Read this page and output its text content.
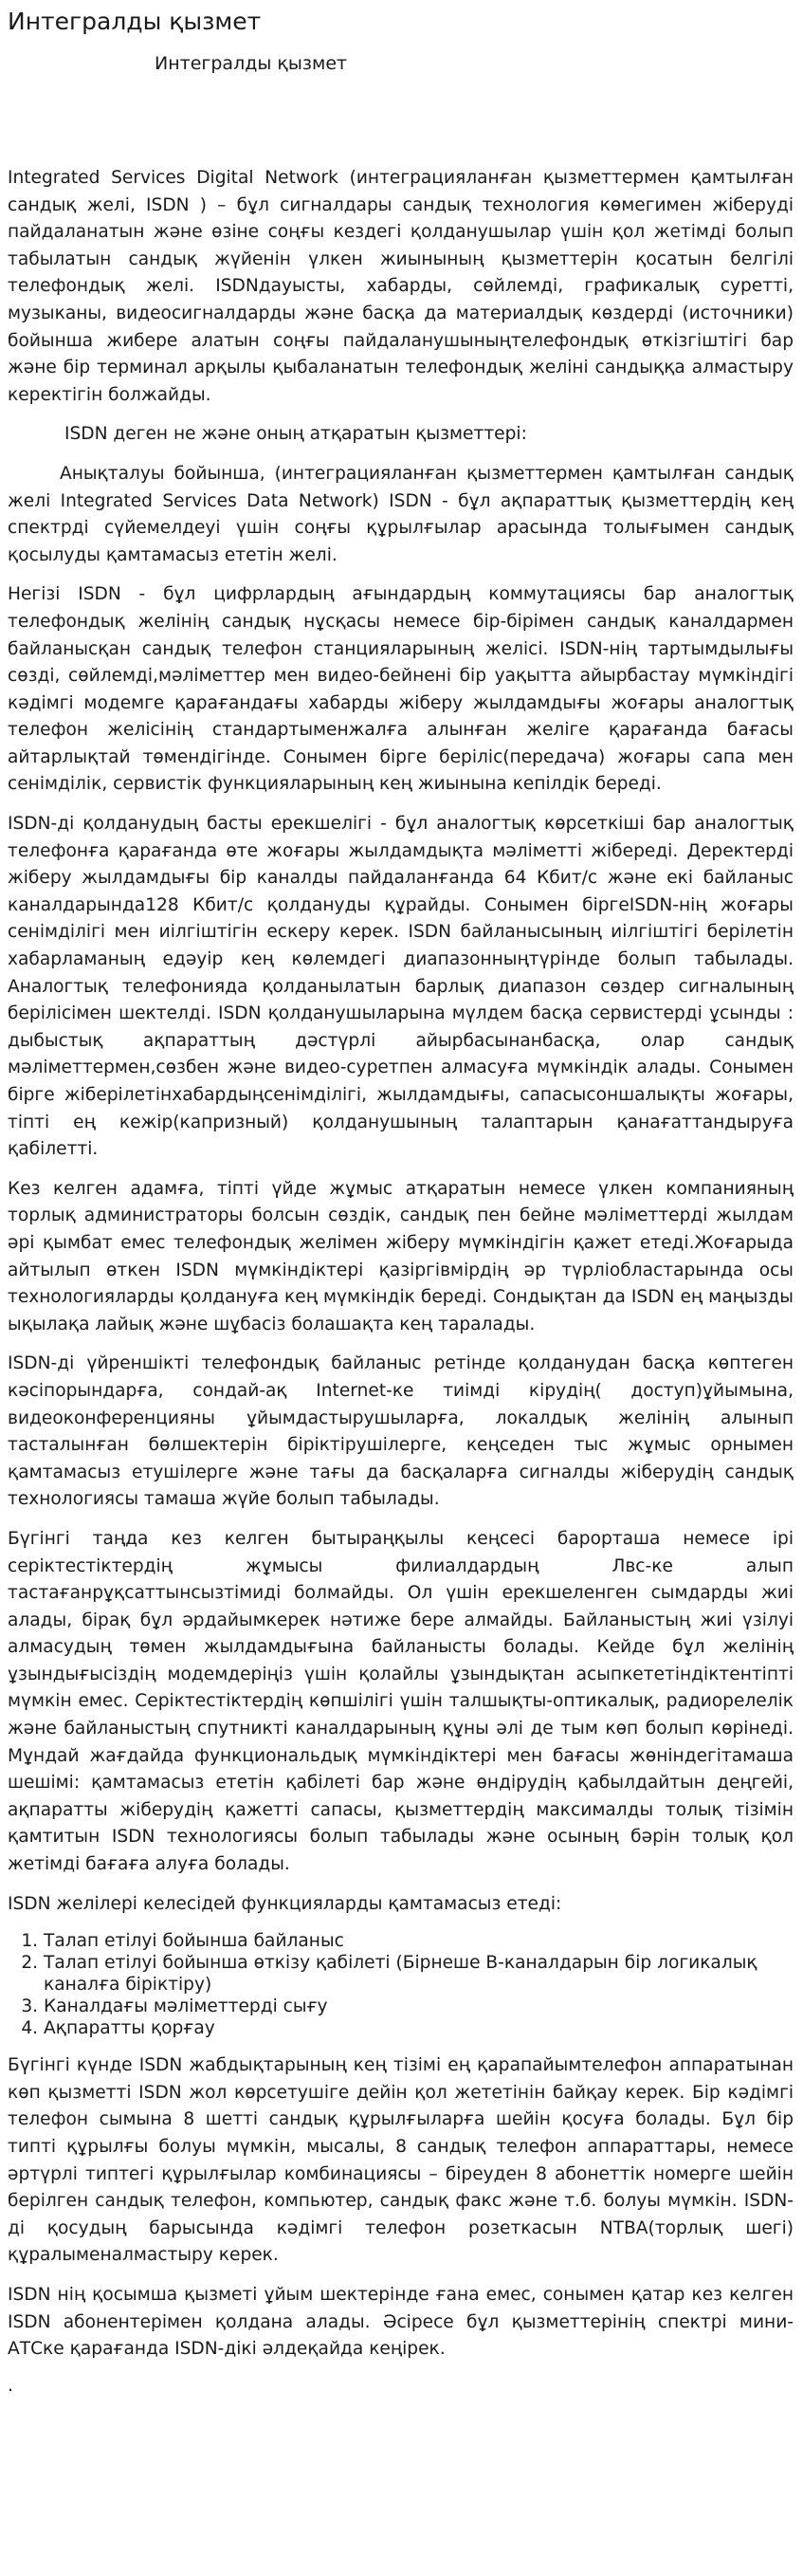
Интегралды қызмет
Интегралды қызмет

Integrated Services Digital Network (интеграцияланған қызметтермен қамтылған сандық желі, ISDN ) – бұл сигналдары сандық технология көмегимен жіберуді пайдаланатын және өзіне соңғы кездегі қолданушылар үшін қол жетімді болып табылатын сандық жүйенін үлкен жиынының қызметтерін қосатын белгілі телефондық желі. ISDNдауысты, хабарды, сөйлемді, графикалық суретті, музыканы, видеосигналдарды және басқа да материалдық көздерді (источники) бойынша жибере алатын соңғы пайдаланушыныңтелефондық өткізгіштігі бар және бір терминал арқылы қыбаланатын телефондық желіні сандыққа алмастыру керектігін болжайды.

ISDN деген не және оның атқаратын қызметтері:

Анықталуы бойынша, (интеграцияланған қызметтермен қамтылған сандық желі Integrated Services Data Network) ISDN - бұл ақпараттық қызметтердің кең спектрді сүйемелдеуі үшін соңғы құрылғылар арасында толығымен сандық қосылуды қамтамасыз ететін желі.

Негізі ISDN - бұл цифрлардың ағындардың коммутациясы бар аналогтық телефондық желінің сандық нұсқасы немесе бір-бірімен сандық каналдармен байланысқан сандық телефон станцияларының желісі. ISDN-нің тартымдылығы сөзді, сөйлемді,мәліметтер мен видео-бейнені бір уақытта айырбастау мүмкіндігі кәдімгі модемге қарағандағы хабарды жіберу жылдамдығы жоғары аналогтық телефон желісінің стандартыменжалға алынған желіге қарағанда бағасы айтарлықтай төмендігінде. Сонымен бірге беріліс(передача) жоғары сапа мен сенімділік, сервистік функцияларының кең жиынына кепілдік береді.

ISDN-ді қолданудың басты ерекшелігі - бұл аналогтық көрсеткіші бар аналогтық телефонға қарағанда өте жоғары жылдамдықта мәліметті жібереді. Деректерді жіберу жылдамдығы бір каналды пайдаланғанда 64 Кбит/с және екі байланыс каналдарында128 Кбит/с қолдануды құрайды. Сонымен біргеISDN-нің жоғары сенімділігі мен иілгіштігін ескеру керек. ISDN байланысының иілгіштігі берілетін хабарламаның едәуір кең көлемдегі диапазонныңтүрінде болып табылады. Аналогтық телефонияда қолданылатын барлық диапазон сөздер сигналының берілісімен шектелді. ISDN қолданушыларына мүлдем басқа сервистерді ұсынды : дыбыстық ақпараттың дәстүрлі айырбасынанбасқа, олар сандық мәліметтермен,сөзбен және видео-суретпен алмасуға мүмкіндік алады. Сонымен бірге жіберілетінхабардыңсенімділігі, жылдамдығы, сапасысоншалықты жоғары, тіпті ең кежір(капризный) қолданушының талаптарын қанағаттандыруға қабілетті.

Кез келген адамға, тіпті үйде жұмыс атқаратын немесе үлкен компанияның торлық администраторы болсын сөздік, сандық пен бейне мәліметтерді жылдам әрі қымбат емес телефондық желімен жіберу мүмкіндігін қажет етеді.Жоғарыда айтылып өткен ISDN мүмкіндіктері қазіргівмірдің әр түрліобластарында осы технологияларды қолдануға кең мүмкіндік береді. Сондықтан да ISDN ең маңызды ықылақа лайық және шұбасіз болашақта кең таралады.

ISDN-ді үйреншікті телефондық байланыс ретінде қолданудан басқа көптеген кәсіпорындарға, сондай-ақ Internet-ке тиімді кірудің( доступ)ұйымына, видеоконференцияны ұйымдастырушыларға, локалдық желінің алынып тасталынған бөлшектерін біріктірушілерге, кеңседен тыс жұмыс орнымен қамтамасыз етушілерге және тағы да басқаларға сигналды жіберудің сандық технологиясы тамаша жүйе болып табылады.

Бүгінгі таңда кез келген бытыраңқылы кеңсесі барорташа немесе ірі серіктестіктердің жұмысы филиалдардың Лвс-ке алып тастағанрұқсаттынсызтімиді болмайды. Ол үшін ерекшеленген сымдарды жиі алады, бірақ бұл әрдайымкерек нәтиже бере алмайды. Байланыстың жиі үзілуі алмасудың төмен жылдамдығына байланысты болады. Кейде бұл желінің ұзындығысіздің модемдеріңіз үшін қолайлы ұзындықтан асыпкететіндіктентіпті мүмкін емес. Серіктестіктердің көпшілігі үшін талшықты-оптикалық, радиорелелік және байланыстың спутникті каналдарының құны әлі де тым көп болып көрінеді. Мұндай жағдайда функциональдық мүмкіндіктері мен бағасы жөніндегітамаша шешімі: қамтамасыз ететін қабілеті бар және өндірудің қабылдайтын деңгейі, ақпаратты жіберудің қажетті сапасы, қызметтердің максималды толық тізімін қамтитын ISDN технологиясы болып табылады және осының бәрін толық қол жетімді бағаға алуға болады.

ISDN желілері келесідей функцияларды қамтамасыз етеді:

1. Талап етілуі бойынша байланыс
2. Талап етілуі бойынша өткізу қабілеті (Бірнеше В-каналдарын бір логикалық каналға біріктіру)
3. Каналдағы мәліметтерді сығу
4. Ақпаратты қорғау

Бүгінгі күнде ISDN жабдықтарының кең тізімі ең қарапайымтелефон аппаратынан көп қызметті ISDN жол көрсетушіге дейін қол жететінін байқау керек. Бір кәдімгі телефон сымына 8 шетті сандық құрылғыларға шейін қосуға болады. Бұл бір типті құрылғы болуы мүмкін, мысалы, 8 сандық телефон аппараттары, немесе әртүрлі типтегі құрылғылар комбинациясы – біреуден 8 абонеттік номерге шейін берілген сандық телефон, компьютер, сандық факс және т.б. болуы мүмкін. ISDN-ді қосудың барысында кәдімгі телефон розеткасын NTBA(торлық шегі) құралыменалмастыру керек.

ISDN нің қосымша қызметі ұйым шектерінде ғана емес, сонымен қатар кез келген ISDN абонентерімен қолдана алады. Әсіресе бұл қызметтерінің спектрі мини- АТСке қарағанда ISDN-дікі әлдеқайда кеңірек.

.
